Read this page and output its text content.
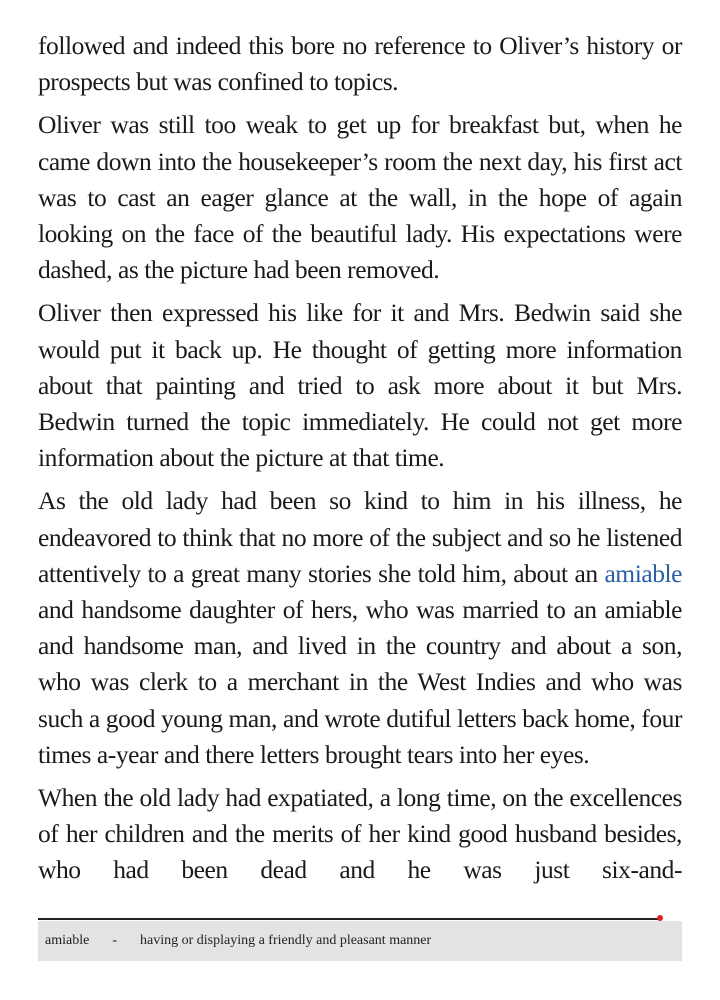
followed and indeed this bore no reference to Oliver’s history or prospects but was confined to topics.

Oliver was still too weak to get up for breakfast but, when he came down into the housekeeper’s room the next day, his first act was to cast an eager glance at the wall, in the hope of again looking on the face of the beautiful lady. His expectations were dashed, as the picture had been removed.

Oliver then expressed his like for it and Mrs. Bedwin said she would put it back up. He thought of getting more information about that painting and tried to ask more about it but Mrs. Bedwin turned the topic immediately. He could not get more information about the picture at that time.

As the old lady had been so kind to him in his illness, he endeavored to think that no more of the subject and so he listened attentively to a great many stories she told him, about an amiable and handsome daughter of hers, who was married to an amiable and handsome man, and lived in the country and about a son, who was clerk to a merchant in the West Indies and who was such a good young man, and wrote dutiful letters back home, four times a-year and there letters brought tears into her eyes.

When the old lady had expatiated, a long time, on the excellences of her children and the merits of her kind good husband besides, who had been dead and he was just six-and-

amiable - having or displaying a friendly and pleasant manner
